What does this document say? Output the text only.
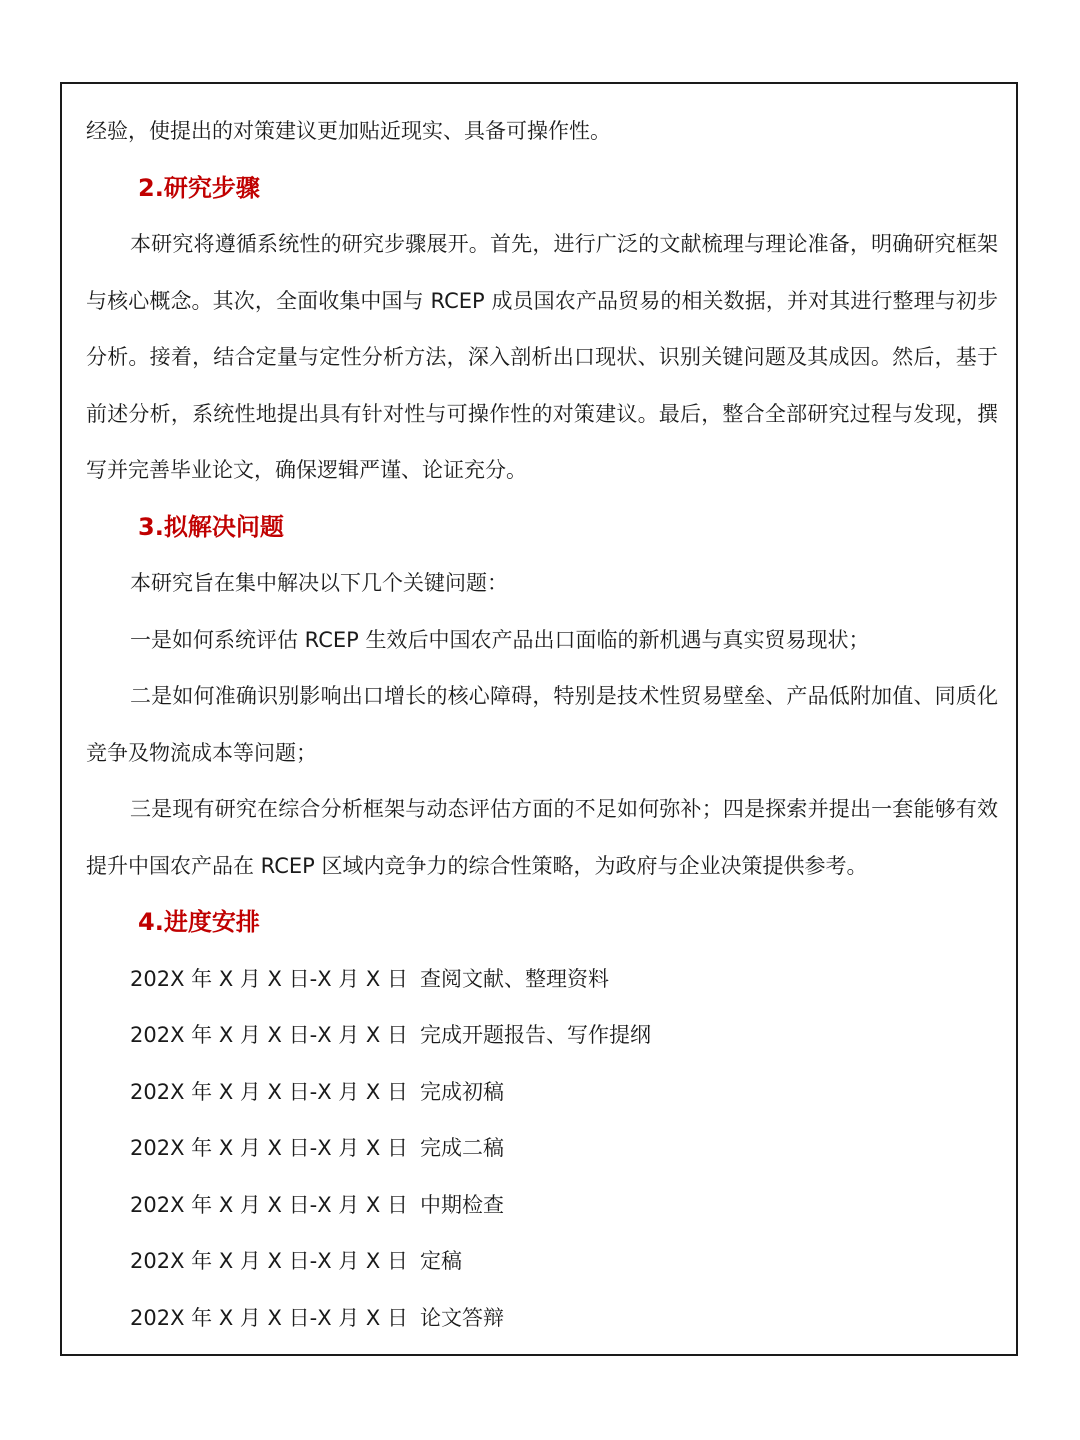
经验，使提出的对策建议更加贴近现实、具备可操作性。

2.研究步骤

本研究将遵循系统性的研究步骤展开。首先，进行广泛的文献梳理与理论准备，明确研究框架与核心概念。其次，全面收集中国与 RCEP 成员国农产品贸易的相关数据，并对其进行整理与初步分析。接着，结合定量与定性分析方法，深入剖析出口现状、识别关键问题及其成因。然后，基于前述分析，系统性地提出具有针对性与可操作性的对策建议。最后，整合全部研究过程与发现，撰写并完善毕业论文，确保逻辑严谨、论证充分。

3.拟解决问题

本研究旨在集中解决以下几个关键问题：

一是如何系统评估 RCEP 生效后中国农产品出口面临的新机遇与真实贸易现状；

二是如何准确识别影响出口增长的核心障碍，特别是技术性贸易壁垒、产品低附加值、同质化竞争及物流成本等问题；

三是现有研究在综合分析框架与动态评估方面的不足如何弥补；四是探索并提出一套能够有效提升中国农产品在 RCEP 区域内竞争力的综合性策略，为政府与企业决策提供参考。

4.进度安排

202X 年 X 月 X 日-X 月 X 日 查阅文献、整理资料

202X 年 X 月 X 日-X 月 X 日 完成开题报告、写作提纲

202X 年 X 月 X 日-X 月 X 日 完成初稿

202X 年 X 月 X 日-X 月 X 日 完成二稿

202X 年 X 月 X 日-X 月 X 日 中期检查

202X 年 X 月 X 日-X 月 X 日 定稿

202X 年 X 月 X 日-X 月 X 日 论文答辩
